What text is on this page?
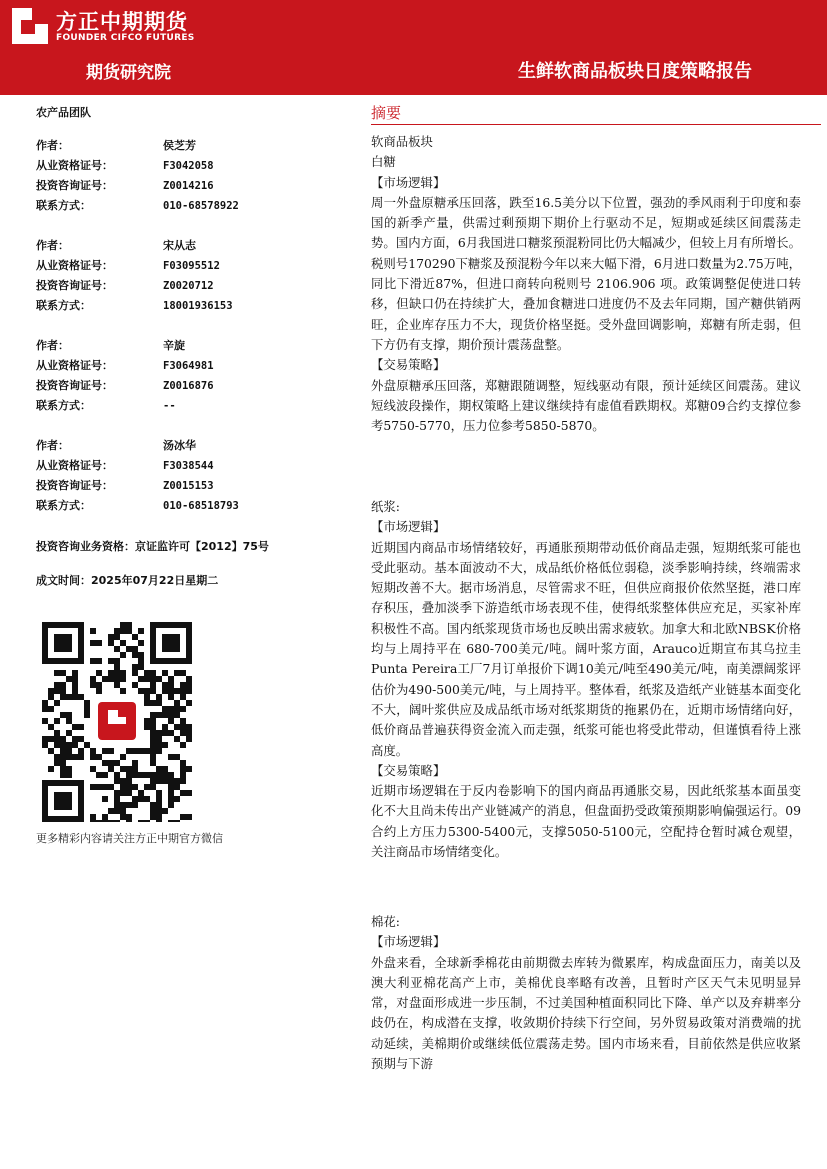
方正中期期货
FOUNDER CIFCO FUTURES
期货研究院	生鲜软商品板块日度策略报告
农产品团队
作者：	侯芝芳
从业资格证号：	F3042058
投资咨询证号：	Z0014216
联系方式：	010-68578922
作者：	宋从志
从业资格证号：	F03095512
投资咨询证号：	Z0020712
联系方式：	18001936153
作者：	辛旋
从业资格证号：	F3064981
投资咨询证号：	Z0016876
联系方式：	--
作者：	汤冰华
从业资格证号：	F3038544
投资咨询证号：	Z0015153
联系方式：	010-68518793
投资咨询业务资格：京证监许可【2012】75号
成文时间：2025年07月22日星期二
更多精彩内容请关注方正中期官方微信
摘要
软商品板块
白糖
【市场逻辑】
周一外盘原糖承压回落，跌至16.5美分以下位置，强劲的季风雨利于印度和泰国的新季产量，供需过剩预期下期价上行驱动不足，短期或延续区间震荡走势。国内方面，6月我国进口糖浆预混粉同比仍大幅减少，但较上月有所增长。税则号170290下糖浆及预混粉今年以来大幅下滑，6月进口数量为2.75万吨，同比下滑近87%，但进口商转向税则号 2106.906 项。政策调整促使进口转移，但缺口仍在持续扩大，叠加食糖进口进度仍不及去年同期，国产糖供销两旺，企业库存压力不大，现货价格坚挺。受外盘回调影响，郑糖有所走弱，但下方仍有支撑，期价预计震荡盘整。
【交易策略】
外盘原糖承压回落，郑糖跟随调整，短线驱动有限，预计延续区间震荡。建议短线波段操作，期权策略上建议继续持有虚值看跌期权。郑糖09合约支撑位参考5750-5770，压力位参考5850-5870。
纸浆:
【市场逻辑】
近期国内商品市场情绪较好，再通胀预期带动低价商品走强，短期纸浆可能也受此驱动。基本面波动不大，成品纸价格低位弱稳，淡季影响持续，终端需求短期改善不大。据市场消息，尽管需求不旺，但供应商报价依然坚挺，港口库存积压，叠加淡季下游造纸市场表现不佳，使得纸浆整体供应充足，买家补库积极性不高。国内纸浆现货市场也反映出需求疲软。加拿大和北欧NBSK价格均与上周持平在 680-700美元/吨。阔叶浆方面，Arauco近期宣布其乌拉圭Punta Pereira工厂7月订单报价下调10美元/吨至490美元/吨，南美漂阔浆评估价为490-500美元/吨，与上周持平。整体看，纸浆及造纸产业链基本面变化不大，阔叶浆供应及成品纸市场对纸浆期货的拖累仍在，近期市场情绪向好，低价商品普遍获得资金流入而走强，纸浆可能也将受此带动，但谨慎看待上涨高度。
【交易策略】
近期市场逻辑在于反内卷影响下的国内商品再通胀交易，因此纸浆基本面虽变化不大且尚未传出产业链减产的消息，但盘面扔受政策预期影响偏强运行。09合约上方压力5300-5400元，支撑5050-5100元，空配持仓暂时减仓观望，关注商品市场情绪变化。
棉花:
【市场逻辑】
外盘来看，全球新季棉花由前期微去库转为微累库，构成盘面压力，南美以及澳大利亚棉花高产上市，美棉优良率略有改善，且暂时产区天气未见明显异常，对盘面形成进一步压制，不过美国种植面积同比下降、单产以及弃耕率分歧仍在，构成潜在支撑，收敛期价持续下行空间，另外贸易政策对消费端的扰动延续，美棉期价或继续低位震荡走势。国内市场来看，目前依然是供应收紧预期与下游
